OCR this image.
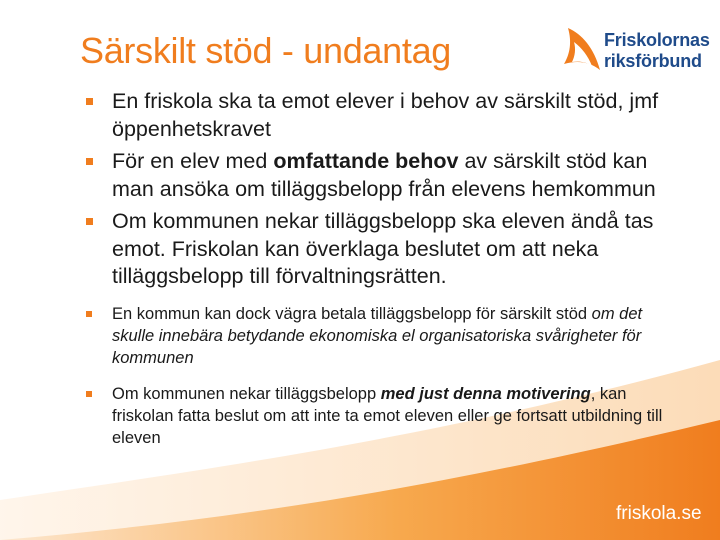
Särskilt stöd - undantag	Friskolornas
riksförbund

En friskola ska ta emot elever i behov av särskilt stöd, jmf öppenhetskravet

För en elev med omfattande behov av särskilt stöd kan man ansöka om tilläggsbelopp från elevens hemkommun

Om kommunen nekar tilläggsbelopp ska eleven ändå tas emot. Friskolan kan överklaga beslutet om att neka tilläggsbelopp till förvaltningsrätten.

En kommun kan dock vägra betala tilläggsbelopp för särskilt stöd om det skulle innebära betydande ekonomiska el organisatoriska svårigheter för kommunen

Om kommunen nekar tilläggsbelopp med just denna motivering, kan friskolan fatta beslut om att inte ta emot eleven eller ge fortsatt utbildning till eleven

friskola.se
